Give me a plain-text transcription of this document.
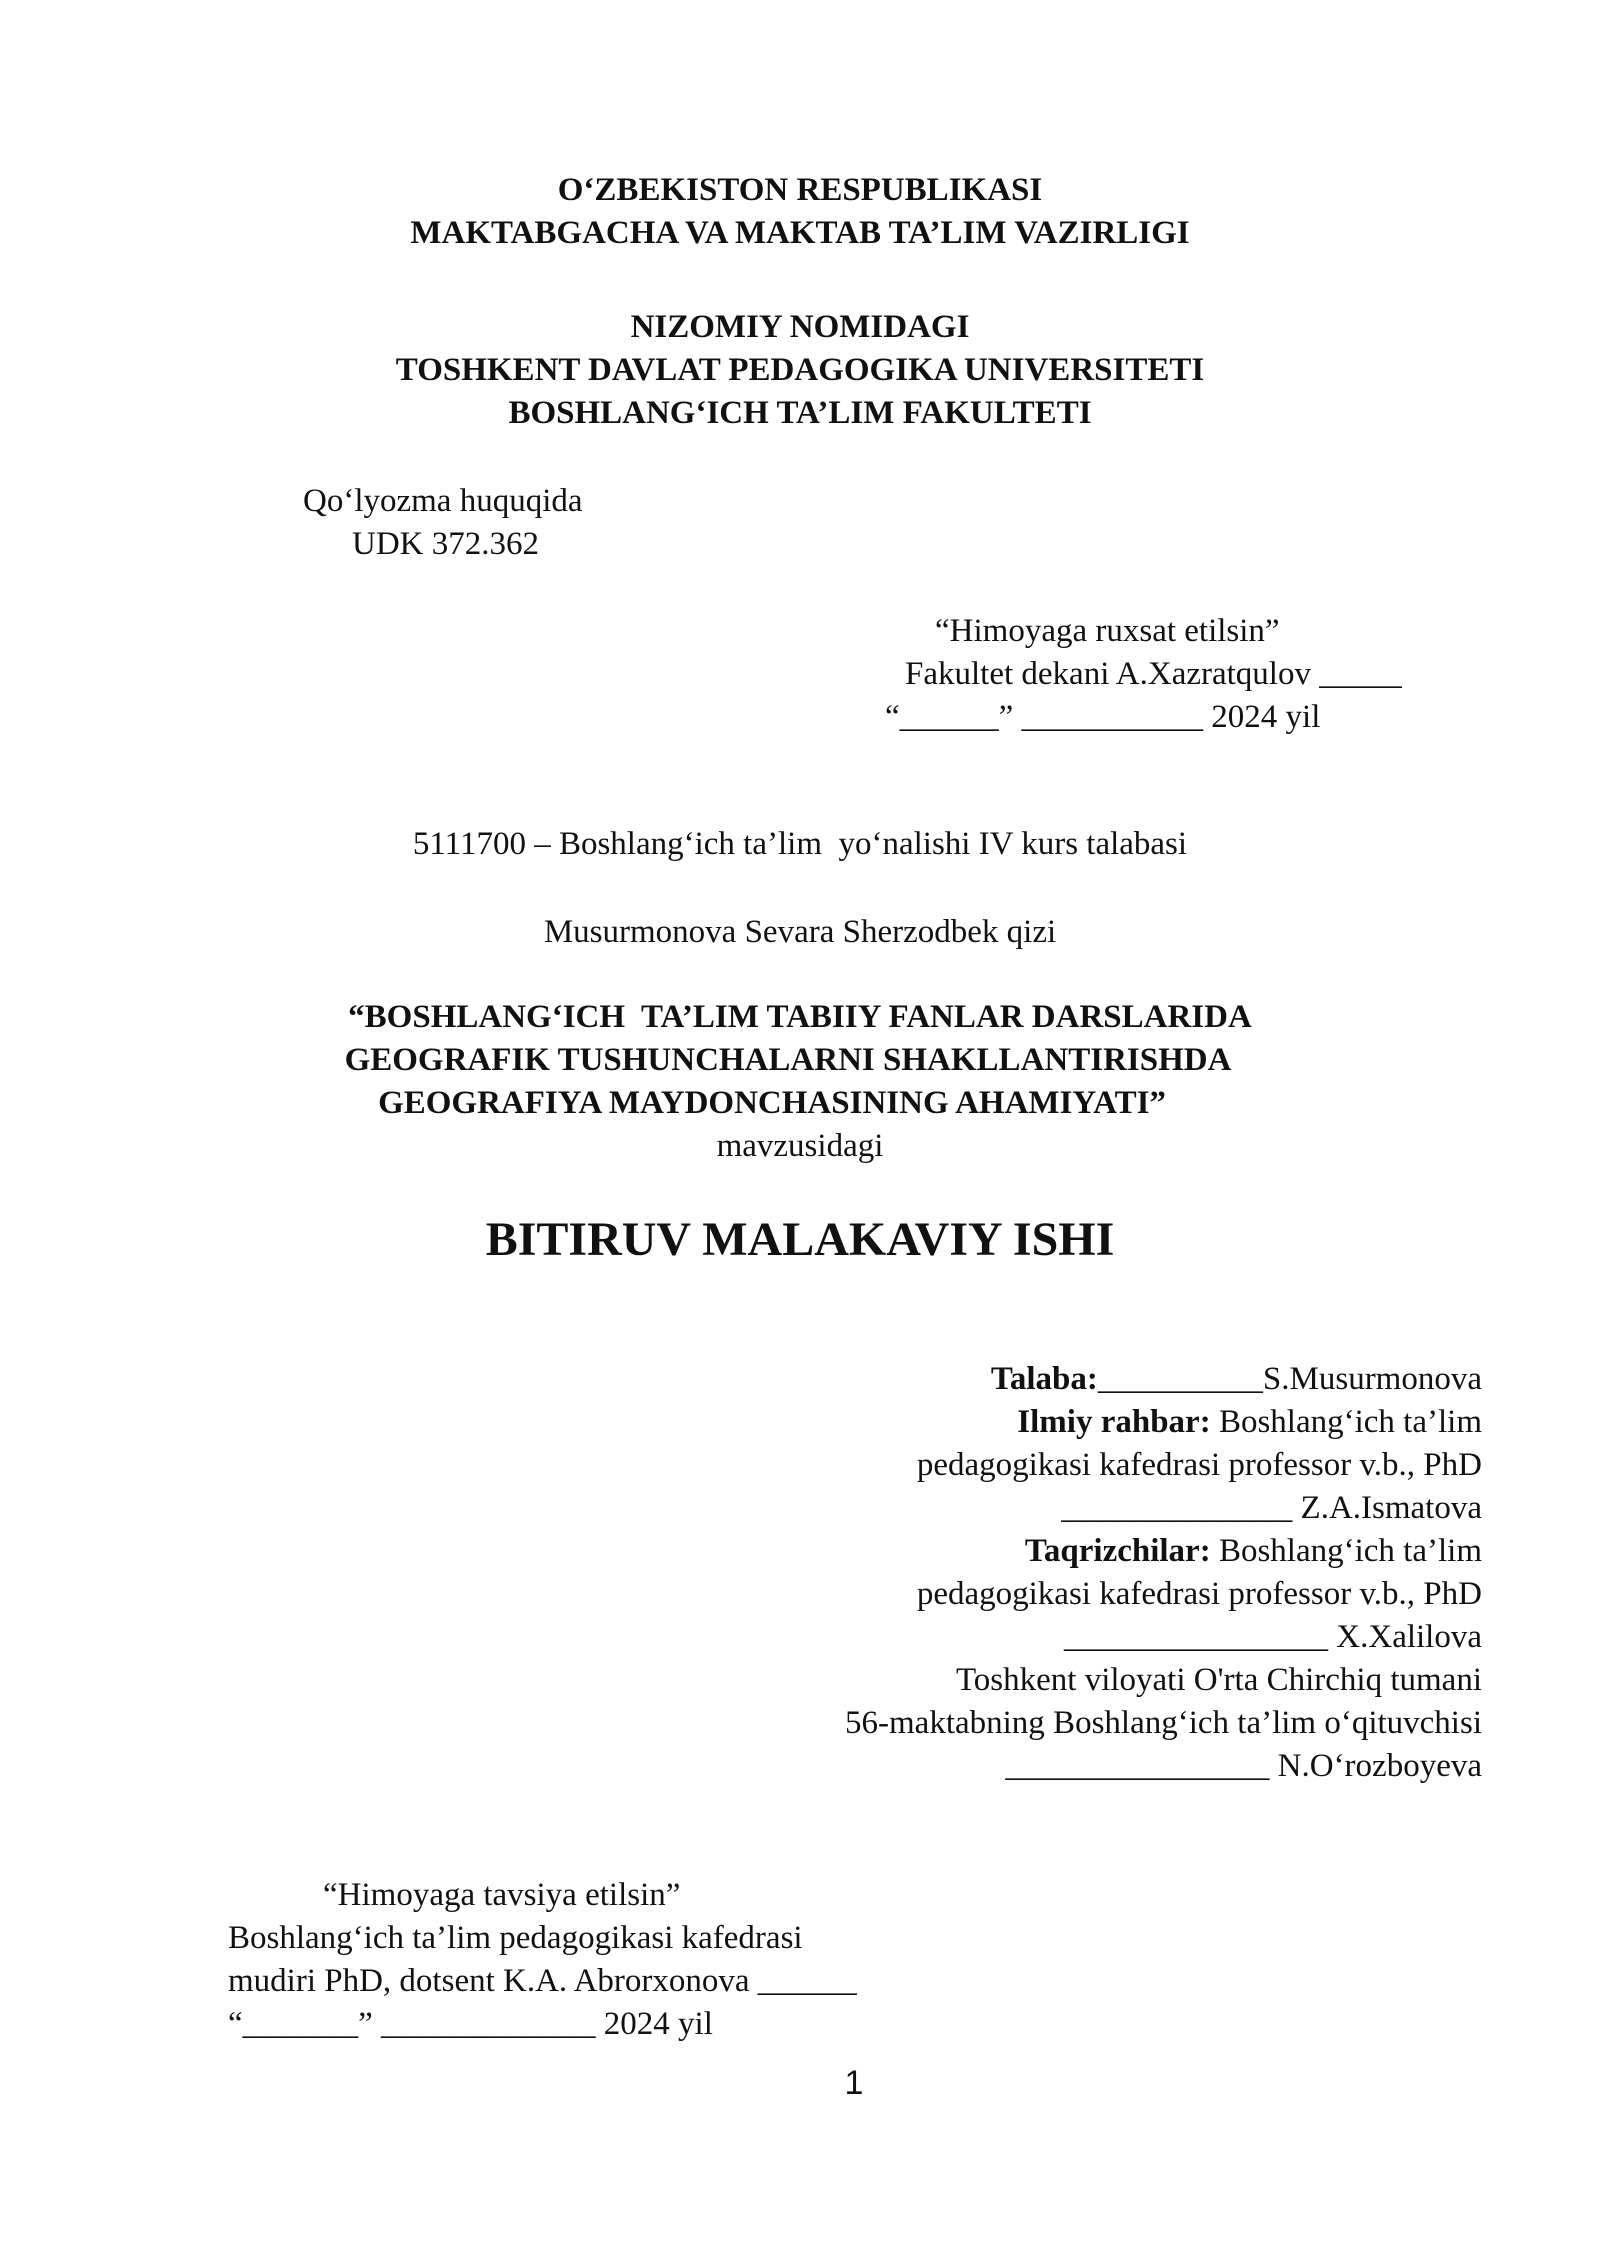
O‘ZBEKISTON RESPUBLIKASI
MAKTABGACHA VA MAKTAB TA’LIM VAZIRLIGI
NIZOMIY NOMIDAGI
TOSHKENT DAVLAT PEDAGOGIKA UNIVERSITETI
BOSHLANG‘ICH TA’LIM FAKULTETI
Qo‘lyozma huquqida
UDK 372.362
“Himoyaga ruxsat etilsin”
Fakultet dekani A.Xazratqulov _____
“______” ___________ 2024 yil
5111700 – Boshlang‘ich ta’lim  yo‘nalishi IV kurs talabasi
Musurmonova Sevara Sherzodbek qizi
“BOSHLANG‘ICH  TA’LIM TABIIY FANLAR DARSLARIDA
GEOGRAFIK TUSHUNCHALARNI SHAKLLANTIRISHDA
GEOGRAFIYA MAYDONCHASINING AHAMIYATI”
mavzusidagi
BITIRUV MALAKAVIY ISHI
Talaba:__________S.Musurmonova
Ilmiy rahbar: Boshlang‘ich ta’lim
pedagogikasi kafedrasi professor v.b., PhD
______________ Z.A.Ismatova
Taqrizchilar: Boshlang‘ich ta’lim
pedagogikasi kafedrasi professor v.b., PhD
________________ X.Xalilova
Toshkent viloyati O'rta Chirchiq tumani
56-maktabning Boshlang‘ich ta’lim o‘qituvchisi
________________ N.O‘rozboyeva
“Himoyaga tavsiya etilsin”
Boshlang‘ich ta’lim pedagogikasi kafedrasi
mudiri PhD, dotsent K.A. Abrorxonova ______
“_______” _____________ 2024 yil
1
